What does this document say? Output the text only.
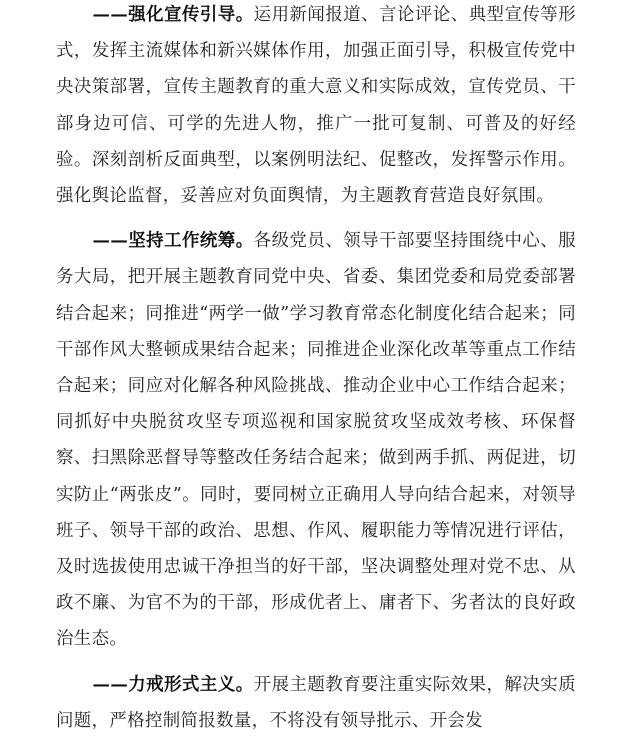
——强化宣传引导。运用新闻报道、言论评论、典型宣传等形式，发挥主流媒体和新兴媒体作用，加强正面引导，积极宣传党中央决策部署，宣传主题教育的重大意义和实际成效，宣传党员、干部身边可信、可学的先进人物，推广一批可复制、可普及的好经验。深刻剖析反面典型，以案例明法纪、促整改，发挥警示作用。强化舆论监督，妥善应对负面舆情，为主题教育营造良好氛围。

——坚持工作统筹。各级党员、领导干部要坚持围绕中心、服务大局，把开展主题教育同党中央、省委、集团党委和局党委部署结合起来；同推进“两学一做”学习教育常态化制度化结合起来；同干部作风大整顿成果结合起来；同推进企业深化改革等重点工作结合起来；同应对化解各种风险挑战、推动企业中心工作结合起来；同抓好中央脱贫攻坚专项巡视和国家脱贫攻坚成效考核、环保督察、扫黑除恶督导等整改任务结合起来；做到两手抓、两促进，切实防止“两张皮”。同时，要同树立正确用人导向结合起来，对领导班子、领导干部的政治、思想、作风、履职能力等情况进行评估，及时选拔使用忠诚干净担当的好干部，坚决调整处理对党不忠、从政不廉、为官不为的干部，形成优者上、庸者下、劣者汰的良好政治生态。

——力戒形式主义。开展主题教育要注重实际效果，解决实质问题，严格控制简报数量，不将没有领导批示、开会发
